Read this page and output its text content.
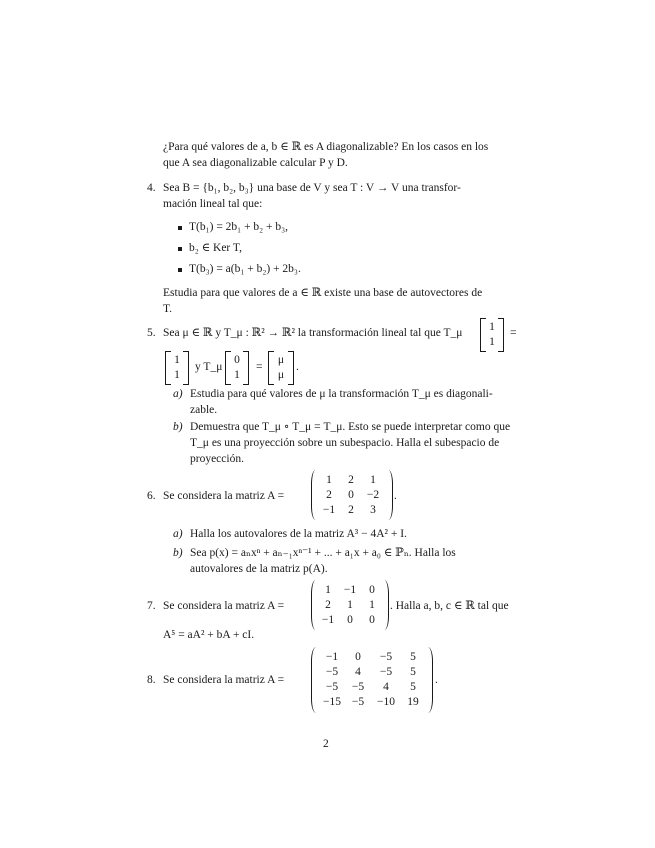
¿Para qué valores de a, b ∈ ℝ es A diagonalizable? En los casos en los
que A sea diagonalizable calcular P y D.
4. Sea B = {b₁, b₂, b₃} una base de V y sea T : V → V una transfor-
mación lineal tal que:
T(b₁) = 2b₁ + b₂ + b₃,
b₂ ∈ Ker T,
T(b₃) = a(b₁ + b₂) + 2b₃.
Estudia para que valores de a ∈ ℝ existe una base de autovectores de
T.
5. Sea μ ∈ ℝ y T_μ : ℝ² → ℝ² la transformación lineal tal que T_μ	1
1
=
1
1
y T_μ
0
1
=
μ
μ
.
a) Estudia para qué valores de μ la transformación T_μ es diagonali-
zable.
b) Demuestra que T_μ ∘ T_μ = T_μ. Esto se puede interpretar como que
T_μ es una proyección sobre un subespacio. Halla el subespacio de
proyección.
6. Se considera la matriz A =
1	2	1
2	0	−2
−1	2	3
.
a) Halla los autovalores de la matriz A³ − 4A² + I.
b) Sea p(x) = aₙxⁿ + aₙ₋₁xⁿ⁻¹ + ... + a₁x + a₀ ∈ ℙₙ. Halla los
autovalores de la matriz p(A).
7. Se considera la matriz A =
1	−1	0
2	1	1
−1	0	0
. Halla a, b, c ∈ ℝ tal que
A⁵ = aA² + bA + cI.
8. Se considera la matriz A =
−1	0	−5	5
−5	4	−5	5
−5	−5	4	5
−15 −5	−10	19
.
2
